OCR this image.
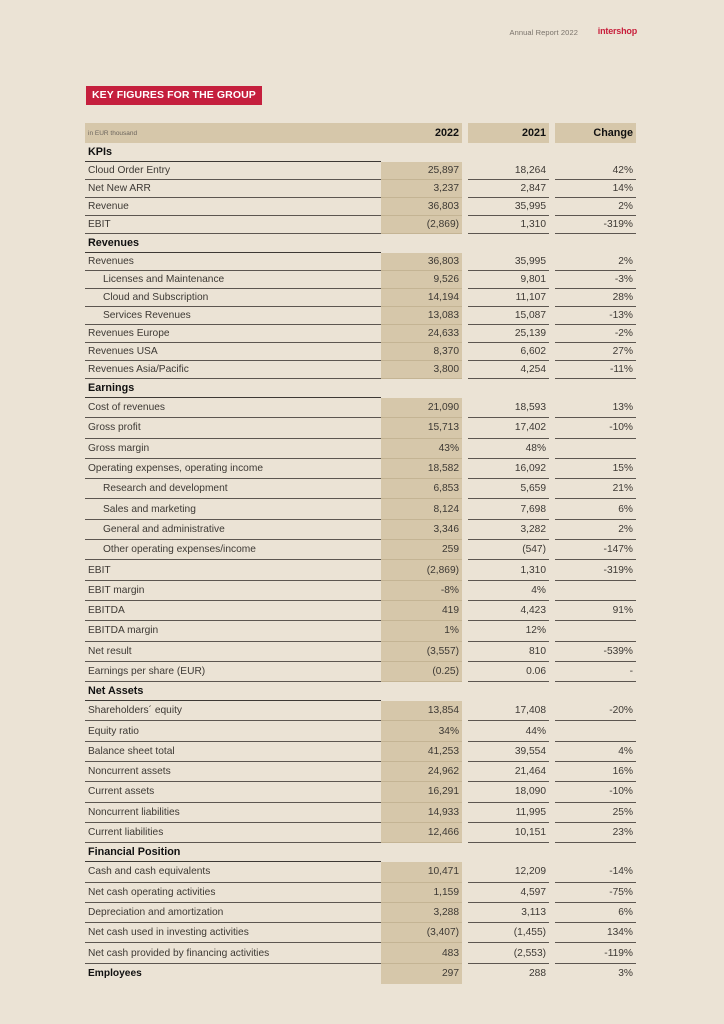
Annual Report 2022 intershop
KEY FIGURES FOR THE GROUP
in EUR thousand	2022		2021		Change
KPIs					
Cloud Order Entry	25,897		18,264		42%
Net New ARR	3,237		2,847		14%
Revenue	36,803		35,995		2%
EBIT	(2,869)		1,310		-319%
Revenues					
Revenues	36,803		35,995		2%
Licenses and Maintenance	9,526		9,801		-3%
Cloud and Subscription	14,194		11,107		28%
Services Revenues	13,083		15,087		-13%
Revenues Europe	24,633		25,139		-2%
Revenues USA	8,370		6,602		27%
Revenues Asia/Pacific	3,800		4,254		-11%
Earnings					
Cost of revenues	21,090		18,593		13%
Gross profit	15,713		17,402		-10%
Gross margin	43%		48%		
Operating expenses, operating income	18,582		16,092		15%
Research and development	6,853		5,659		21%
Sales and marketing	8,124		7,698		6%
General and administrative	3,346		3,282		2%
Other operating expenses/income	259		(547)		-147%
EBIT	(2,869)		1,310		-319%
EBIT margin	-8%		4%		
EBITDA	419		4,423		91%
EBITDA margin	1%		12%		
Net result	(3,557)		810		-539%
Earnings per share (EUR)	(0.25)		0.06		-
Net Assets					
Shareholders´ equity	13,854		17,408		-20%
Equity ratio	34%		44%		
Balance sheet total	41,253		39,554		4%
Noncurrent assets	24,962		21,464		16%
Current assets	16,291		18,090		-10%
Noncurrent liabilities	14,933		11,995		25%
Current liabilities	12,466		10,151		23%
Financial Position					
Cash and cash equivalents	10,471		12,209		-14%
Net cash operating activities	1,159		4,597		-75%
Depreciation and amortization	3,288		3,113		6%
Net cash used in investing activities	(3,407)		(1,455)		134%
Net cash provided by financing activities	483		(2,553)		-119%
Employees	297		288		3%
